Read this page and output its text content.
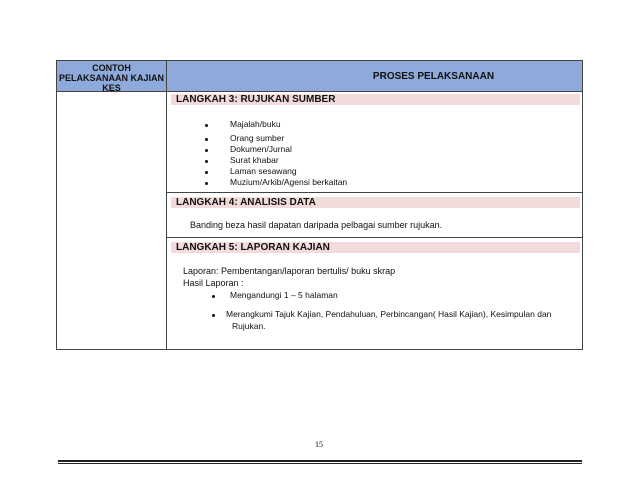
CONTOH
PELAKSANAAN KAJIAN
KES
PROSES PELAKSANAAN
LANGKAH 3: RUJUKAN SUMBER
Majalah/buku
Orang sumber
Dokumen/Jurnal
Surat khabar
Laman sesawang
Muzium/Arkib/Agensi berkaitan
LANGKAH 4: ANALISIS DATA
Banding beza hasil dapatan daripada pelbagai sumber rujukan.
LANGKAH 5: LAPORAN KAJIAN
Laporan: Pembentangan/laporan bertulis/ buku skrap
Hasil Laporan :
Mengandungi 1 – 5 halaman
Merangkumi Tajuk Kajian, Pendahuluan, Perbincangan( Hasil Kajian), Kesimpulan dan
Rujukan.
15
